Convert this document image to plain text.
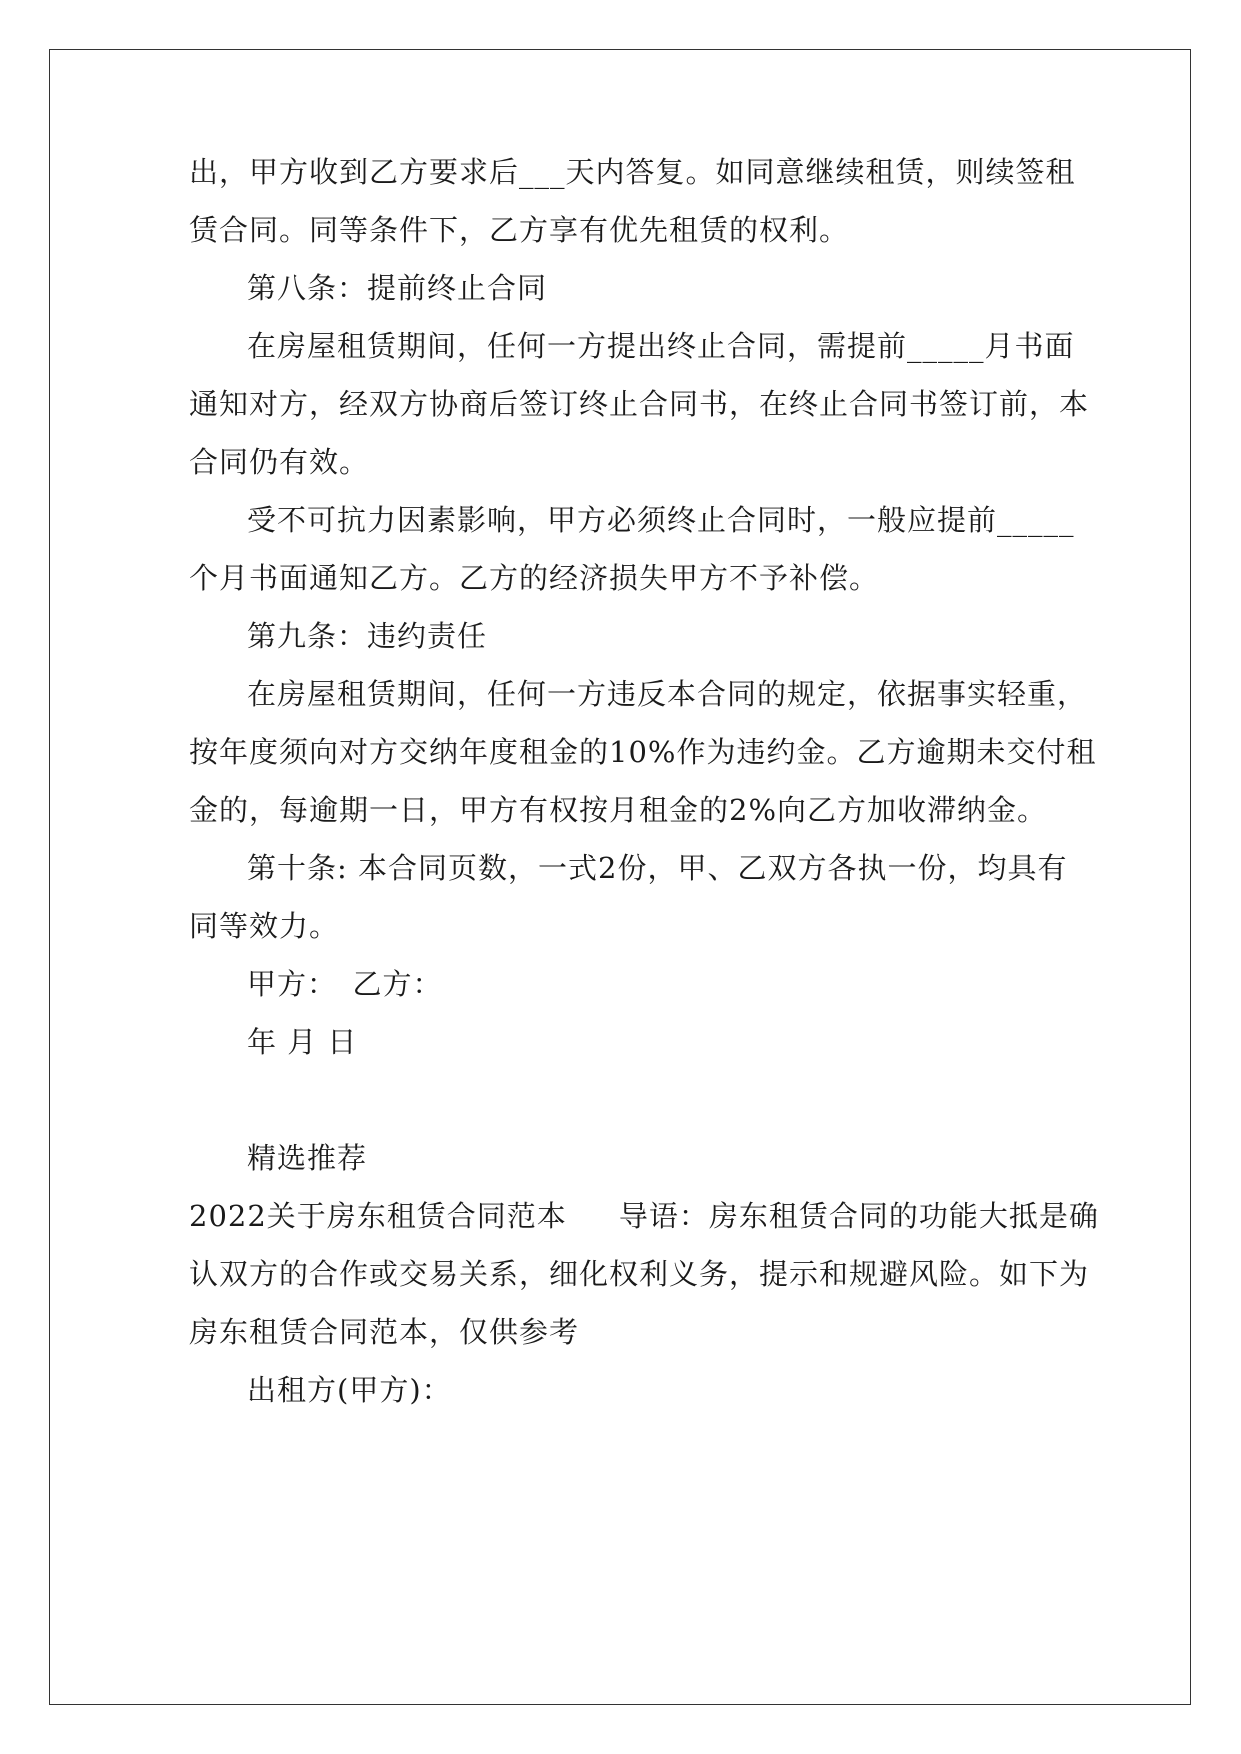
出，甲方收到乙方要求后___天内答复。如同意继续租赁，则续签租
赁合同。同等条件下，乙方享有优先租赁的权利。
第八条：提前终止合同
在房屋租赁期间，任何一方提出终止合同，需提前_____月书面
通知对方，经双方协商后签订终止合同书，在终止合同书签订前，本
合同仍有效。
受不可抗力因素影响，甲方必须终止合同时，一般应提前_____
个月书面通知乙方。乙方的经济损失甲方不予补偿。
第九条：违约责任
在房屋租赁期间，任何一方违反本合同的规定，依据事实轻重，
按年度须向对方交纳年度租金的10%作为违约金。乙方逾期未交付租
金的，每逾期一日，甲方有权按月租金的2%向乙方加收滞纳金。
第十条: 本合同页数，一式2份，甲、乙双方各执一份，均具有
同等效力。
甲方：　乙方：
年 月 日
精选推荐
2022关于房东租赁合同范本 导语：房东租赁合同的功能大抵是确
认双方的合作或交易关系，细化权利义务，提示和规避风险。如下为
房东租赁合同范本，仅供参考
出租方(甲方)：
